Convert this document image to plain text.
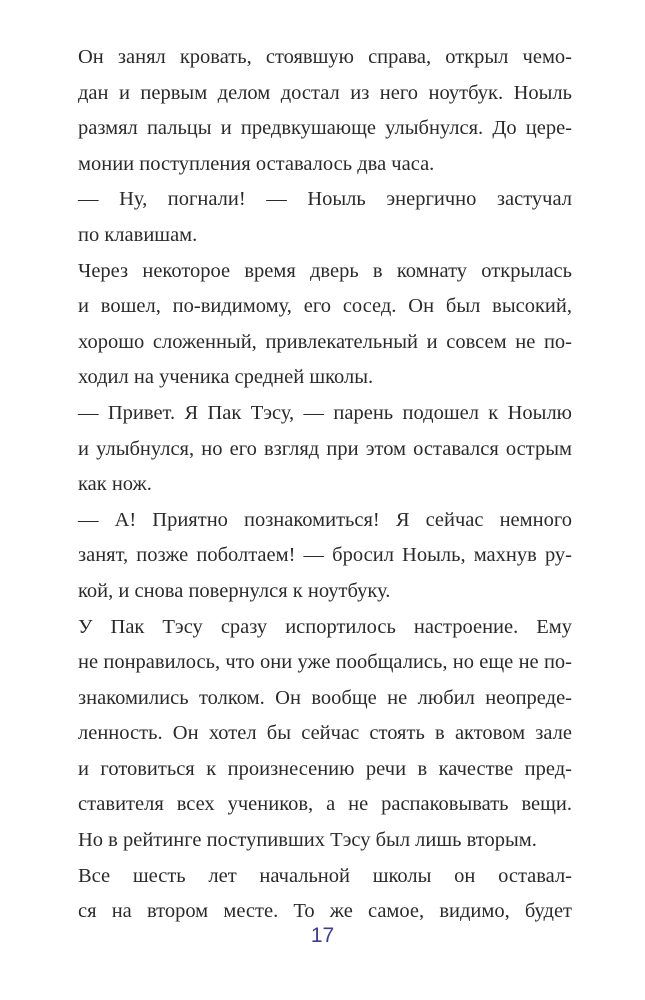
Он занял кровать, стоявшую справа, открыл чемо-
дан и первым делом достал из него ноутбук. Ноыль
размял пальцы и предвкушающе улыбнулся. До цере-
монии поступления оставалось два часа.
— Ну, погнали! — Ноыль энергично застучал
по клавишам.
Через некоторое время дверь в комнату открылась
и вошел, по-видимому, его сосед. Он был высокий,
хорошо сложенный, привлекательный и совсем не по-
ходил на ученика средней школы.
— Привет. Я Пак Тэсу, — парень подошел к Ноылю
и улыбнулся, но его взгляд при этом оставался острым
как нож.
— А! Приятно познакомиться! Я сейчас немного
занят, позже поболтаем! — бросил Ноыль, махнув ру-
кой, и снова повернулся к ноутбуку.
У Пак Тэсу сразу испортилось настроение. Ему
не понравилось, что они уже пообщались, но еще не по-
знакомились толком. Он вообще не любил неопреде-
ленность. Он хотел бы сейчас стоять в актовом зале
и готовиться к произнесению речи в качестве пред-
ставителя всех учеников, а не распаковывать вещи.
Но в рейтинге поступивших Тэсу был лишь вторым.
Все шесть лет начальной школы он оставал-
ся на втором месте. То же самое, видимо, будет
17
